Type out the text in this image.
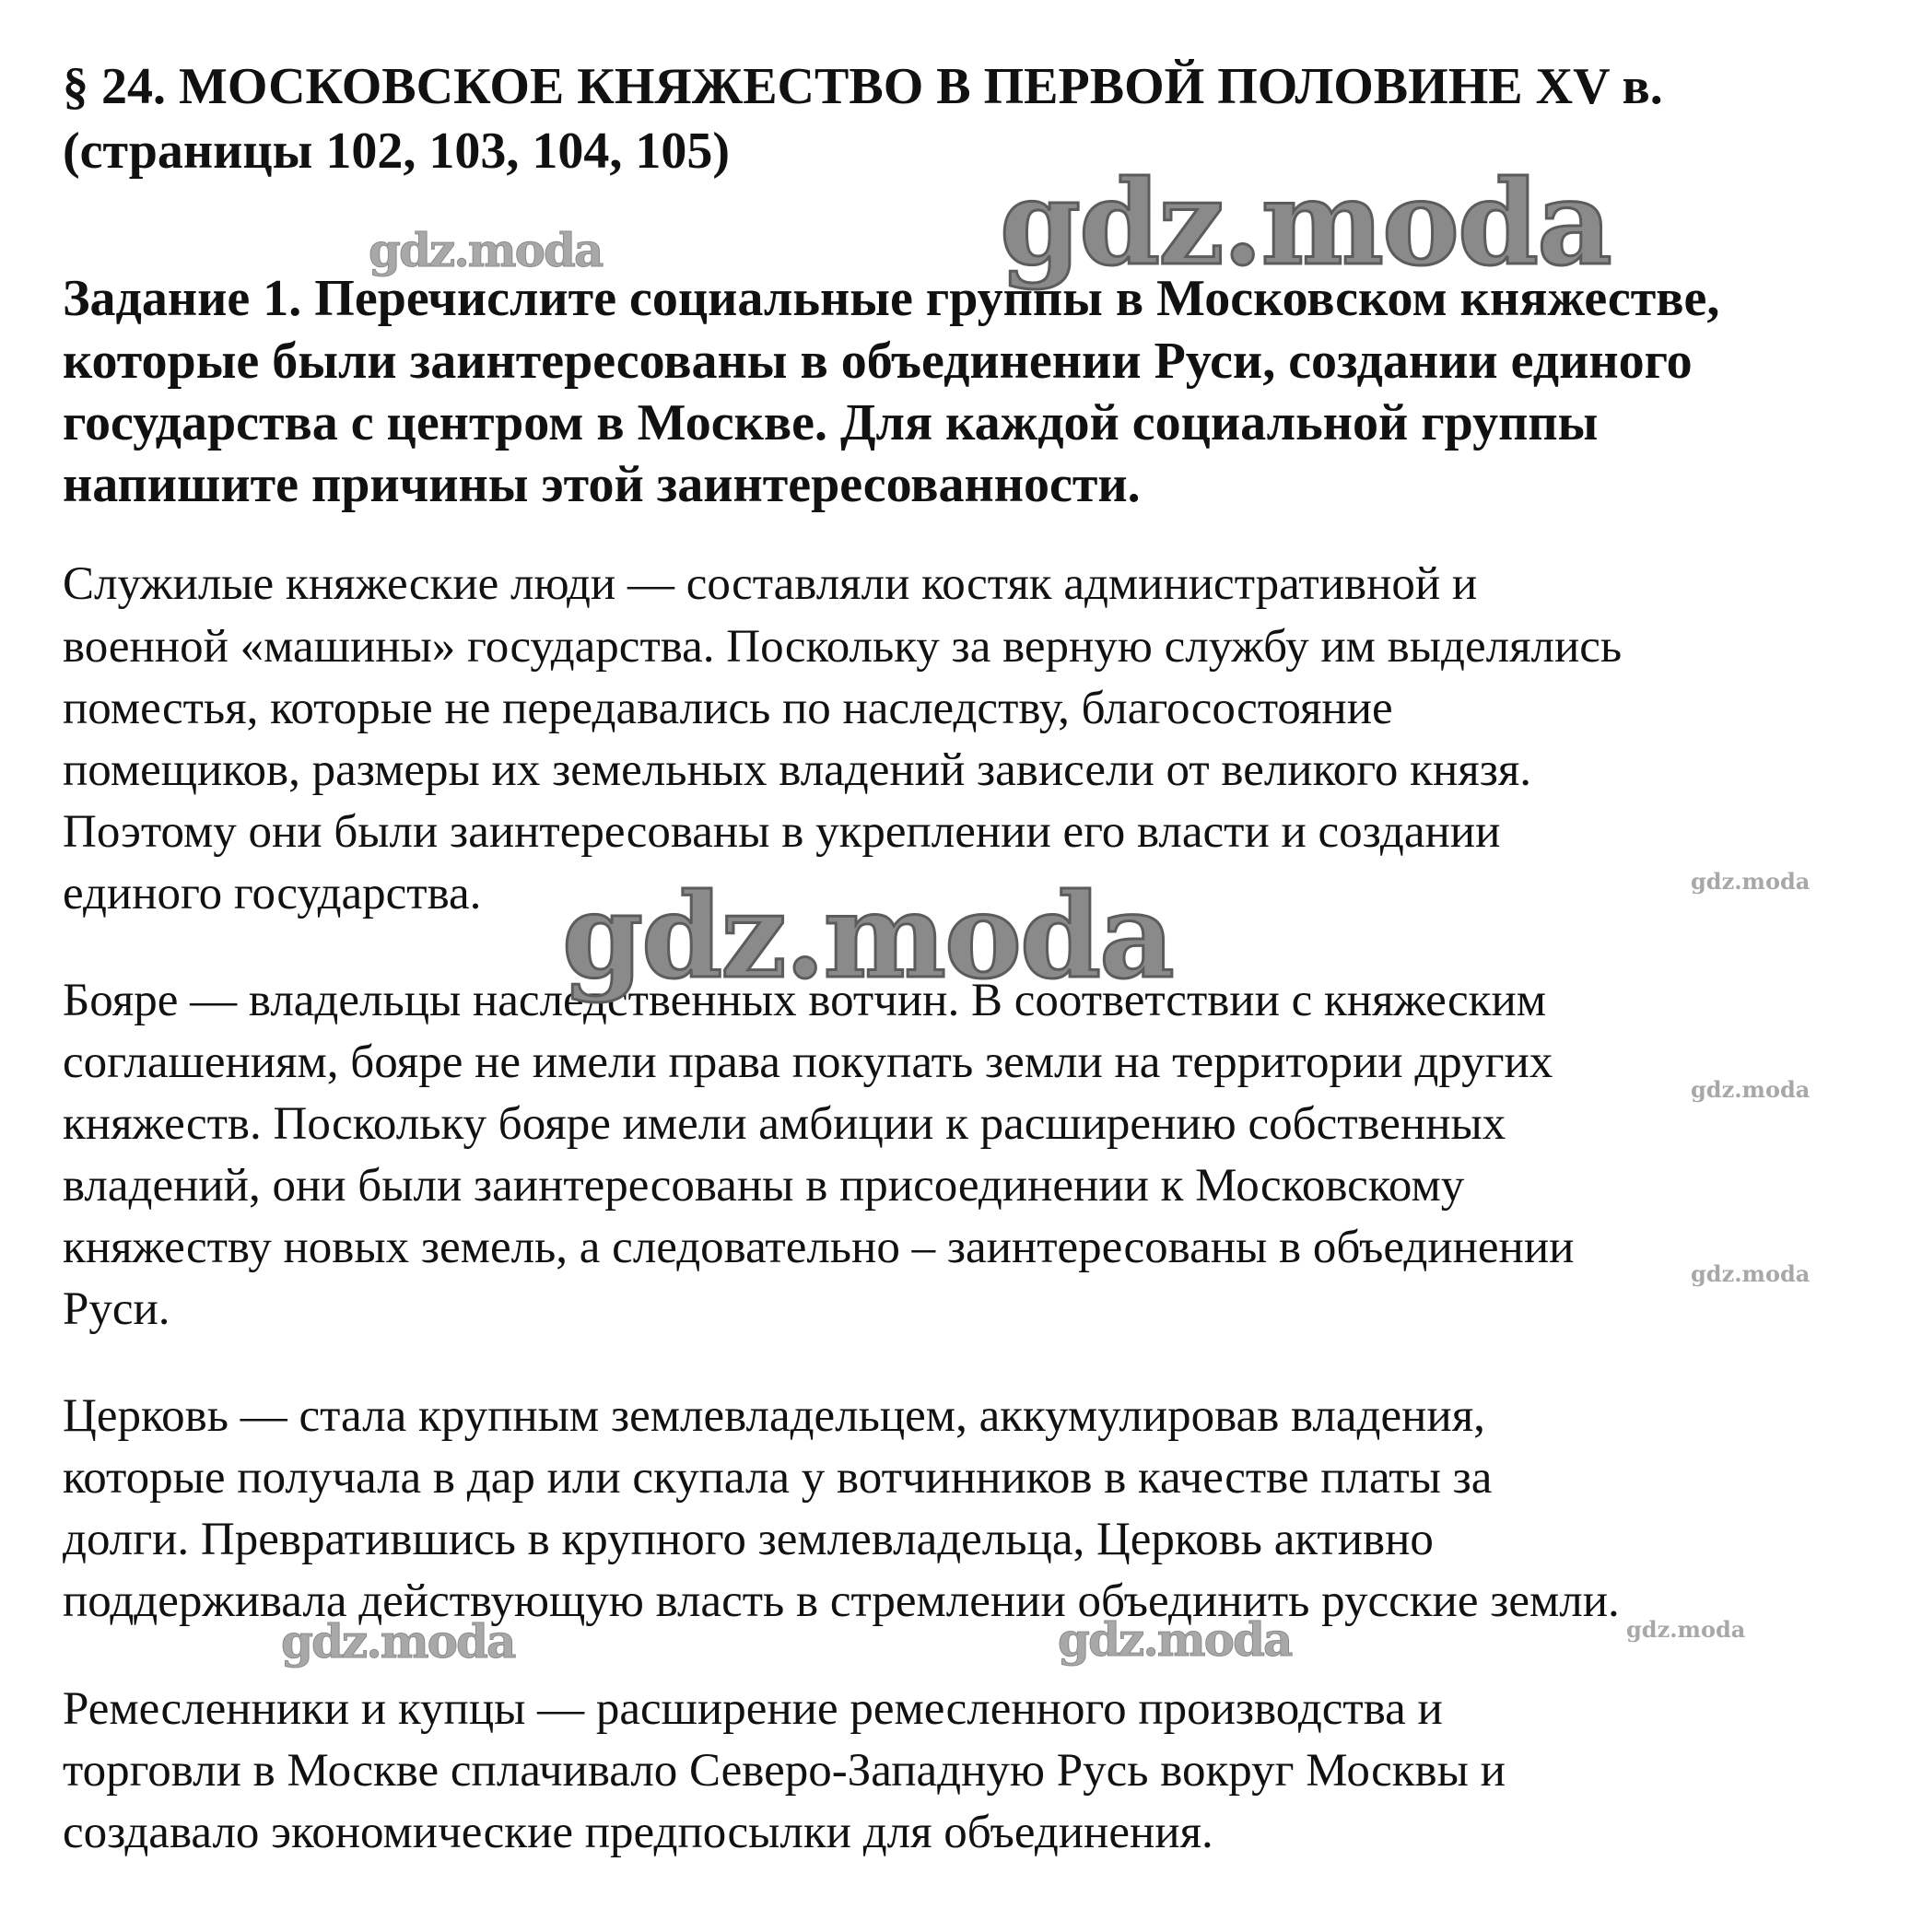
§ 24. МОСКОВСКОЕ КНЯЖЕСТВО В ПЕРВОЙ ПОЛОВИНЕ XV в.

(страницы 102, 103, 104, 105)

Задание 1. Перечислите социальные группы в Московском княжестве,

которые были заинтересованы в объединении Руси, создании единого

государства с центром в Москве. Для каждой социальной группы

напишите причины этой заинтересованности.

Служилые княжеские люди — составляли костяк административной и

военной «машины» государства. Поскольку за верную службу им выделялись

поместья, которые не передавались по наследству, благосостояние

помещиков, размеры их земельных владений зависели от великого князя.

Поэтому они были заинтересованы в укреплении его власти и создании

единого государства.

Бояре — владельцы наследственных вотчин. В соответствии с княжеским

соглашениям, бояре не имели права покупать земли на территории других

княжеств. Поскольку бояре имели амбиции к расширению собственных

владений, они были заинтересованы в присоединении к Московскому

княжеству новых земель, а следовательно – заинтересованы в объединении

Руси.

Церковь — стала крупным землевладельцем, аккумулировав владения,

которые получала в дар или скупала у вотчинников в качестве платы за

долги. Превратившись в крупного землевладельца, Церковь активно

поддерживала действующую власть в стремлении объединить русские земли.

Ремесленники и купцы — расширение ремесленного производства и

торговли в Москве сплачивало Северо-Западную Русь вокруг Москвы и

создавало экономические предпосылки для объединения.

gdz.moda
gdz.moda
gdz.moda
gdz.moda	gdz.moda
gdz.moda
gdz.moda
gdz.moda
gdz.moda
